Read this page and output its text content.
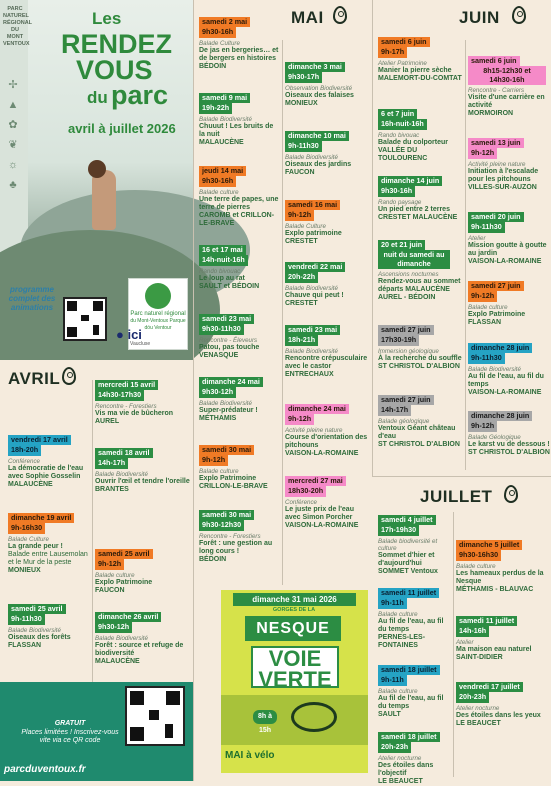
PARC NATUREL RÉGIONAL DU MONT VENTOUX
✢
▲
✿
❦
☼
♣
Les
RENDEZ
VOUS
du parc
avril à juillet 2026
programme complet des animations
Parc naturel régional
du Mont-Ventoux Parque dóu Ventour
● ici
Vaucluse
AVRIL	mercredi 15 avril
14h30-17h30
Rencontre - Forestiers
Vis ma vie de bûcheron
AUREL
vendredi 17 avril
18h-20h
Conférence
La démocratie de l'eau
avec Sophie Gosselin
MALAUCÈNE
samedi 18 avril
14h-17h
Balade Biodiversité
Ouvrir l'œil et tendre l'oreille
BRANTES
dimanche 19 avril
9h-16h30
Balade Culture
La grande peur !
Balade entre Lausemolan et le Mur de la peste
MONIEUX
samedi 25 avril
9h-12h
Balade culture
Explo Patrimoine
FAUCON
samedi 25 avril
9h-11h30
Balade Biodiversité
Oiseaux des forêts
FLASSAN
dimanche 26 avril
9h30-12h
Balade Biodiversité
Forêt : source et refuge de biodiversité
MALAUCÈNE
GRATUIT
Places limitées ! Inscrivez-vous vite via ce QR code
parcduventoux.fr
MAI
samedi 2 mai
9h30-16h
Balade Culture
De jas en bergeries… et de bergers en histoires
BÉDOIN	dimanche 3 mai
9h30-17h
Observation Biodiversité
Oiseaux des falaises
MONIEUX
samedi 9 mai
19h-22h
Balade Biodiversité
Chuuut ! Les bruits de la nuit
MALAUCÈNE
dimanche 10 mai
9h-11h30
Balade Biodiversité
Oiseaux des jardins
FAUCON
jeudi 14 mai
9h30-16h
Balade culture
Une terre de papes, une terre de pierres
CAROMB et CRILLON-LE-BRAVE
samedi 16 mai
9h-12h
Balade Culture
Explo patrimoine
CRESTET
16 et 17 mai
14h-nuit-16h
Rando bivouac
Le loup au rat
SAULT et BÉDOIN
vendredi 22 mai
20h-22h
Balade Biodiversité
Chauve qui peut !
CRESTET
samedi 23 mai
9h30-11h30
Rencontre - Éleveurs
Patou, pas touche
VENASQUE
samedi 23 mai
18h-21h
Balade Biodiversité
Rencontre crépusculaire avec le castor
ENTRECHAUX
dimanche 24 mai
9h30-12h
Balade Biodiversité
Super-prédateur !
MÉTHAMIS
dimanche 24 mai
9h-12h
Activité pleine nature
Course d'orientation des pitchouns
VAISON-LA-ROMAINE
samedi 30 mai
9h-12h
Balade culture
Explo Patrimoine
CRILLON-LE-BRAVE
mercredi 27 mai
18h30-20h
Conférence
Le juste prix de l'eau
avec Simon Porcher
VAISON-LA-ROMAINE
samedi 30 mai
9h30-12h30
Rencontre - Forestiers
Forêt : une gestion au long cours !
BÉDOIN
dimanche 31 mai 2026
GORGES DE LA
NESQUE
VOIE VERTE
8h à 15h
MAI à vélo
JUIN
samedi 6 juin
9h-17h
Atelier Patrimoine
Manier la pierre sèche
MALEMORT-DU-COMTAT
samedi 6 juin
8h15-12h30 et 14h30-16h
Rencontre - Carriers
Visite d'une carrière en activité
MORMOIRON
6 et 7 juin
16h-nuit-16h
Rando bivouac
Balade du colporteur
VALLÉE DU TOULOURENC
samedi 13 juin
9h-12h
Activité pleine nature
Initiation à l'escalade pour les pitchouns
VILLES-SUR-AUZON
dimanche 14 juin
9h30-16h
Rando paysage
Un pied entre 2 terres
CRESTET MALAUCÈNE	samedi 20 juin
9h-11h30
Atelier
Mission goutte à goutte au jardin
VAISON-LA-ROMAINE
20 et 21 juin
nuit du samedi au dimanche
Ascensions nocturnes
Rendez-vous au sommet
départs MALAUCÈNE AUREL - BÉDOIN
samedi 27 juin
9h-12h
Balade culture
Explo Patrimoine
FLASSAN
samedi 27 juin
17h30-19h
Immersion géologique
À la recherche du souffle
ST CHRISTOL D'ALBION
dimanche 28 juin
9h-11h30
Balade Biodiversité
Au fil de l'eau, au fil du temps
VAISON-LA-ROMAINE
samedi 27 juin
14h-17h
Balade géologique
Ventoux Géant château d'eau
ST CHRISTOL D'ALBION
dimanche 28 juin
9h-12h
Balade Géologique
Le karst vu de dessous !
ST CHRISTOL D'ALBION
JUILLET
samedi 4 juillet
17h-19h30
Balade biodiversité et culture
Sommet d'hier et d'aujourd'hui
SOMMET Ventoux
dimanche 5 juillet
9h30-16h30
Balade culture
Les hameaux perdus de la Nesque
MÉTHAMIS - BLAUVAC
samedi 11 juillet
9h-11h
Balade culture
Au fil de l'eau, au fil du temps
PERNES-LES-FONTAINES
samedi 11 juillet
14h-16h
Atelier
Ma maison eau naturel
SAINT-DIDIER
samedi 18 juillet
9h-11h
Balade culture
Au fil de l'eau, au fil du temps
SAULT
vendredi 17 juillet
20h-23h
Atelier nocturne
Des étoiles dans les yeux
LE BEAUCET
samedi 18 juillet
20h-23h
Atelier nocturne
Des étoiles dans l'objectif
LE BEAUCET
